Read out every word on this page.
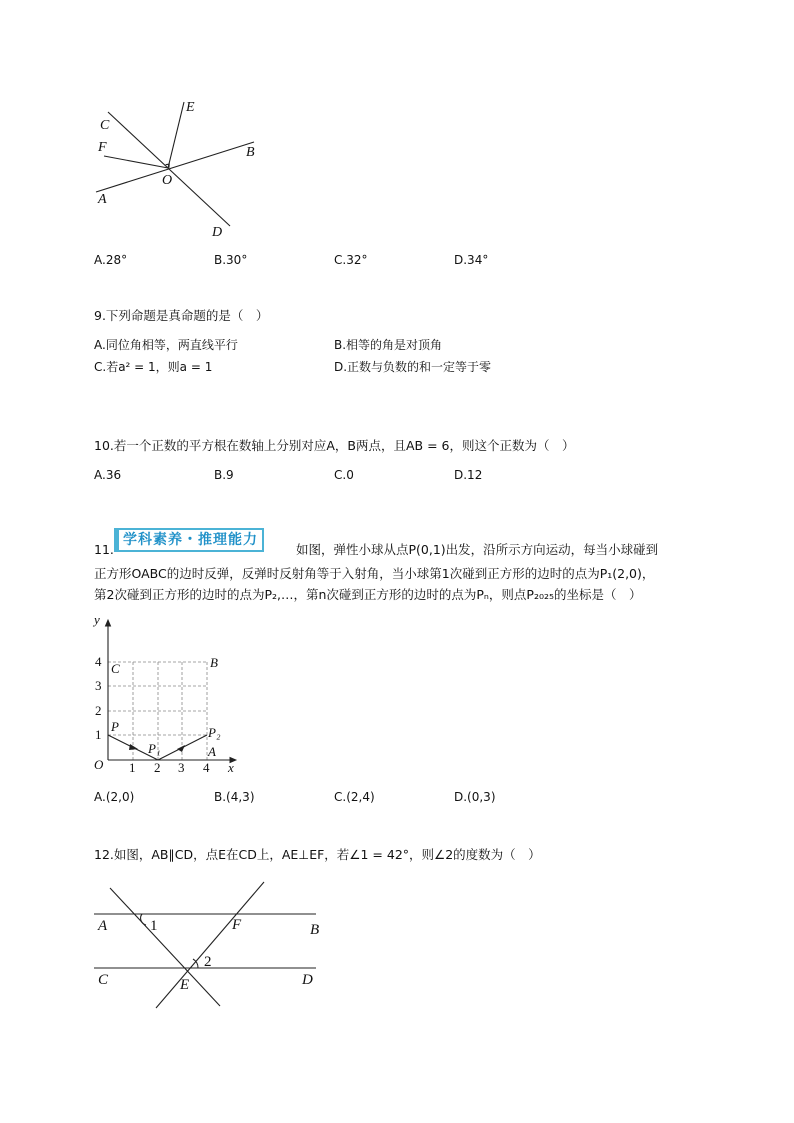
C
E
F	B
O
A
D
A.28°	B.30°	C.32°	D.34°
9.下列命题是真命题的是（　）
A.同位角相等，两直线平行	B.相等的角是对顶角
C.若a² = 1，则a = 1	D.正数与负数的和一定等于零
10.若一个正数的平方根在数轴上分别对应A，B两点，且AB = 6，则这个正数为（　）
A.36	B.9	C.0	D.12
11.
学科素养・推理能力
如图，弹性小球从点P(0,1)出发，沿所示方向运动，每当小球碰到
正方形OABC的边时反弹，反弹时反射角等于入射角，当小球第1次碰到正方形的边时的点为P₁(2,0)，
第2次碰到正方形的边时的点为P₂,…，第n次碰到正方形的边时的点为Pₙ，则点P₂₀₂₅的坐标是（　）
y
x
O 1 2 3 4
1
2
3
4 C	B
P
P₁
P₂
A
A.(2,0)	B.(4,3)	C.(2,4)	D.(0,3)
12.如图，AB∥CD，点E在CD上，AE⊥EF，若∠1 = 42°，则∠2的度数为（　）
A	1	F	B
2
C	E	D
